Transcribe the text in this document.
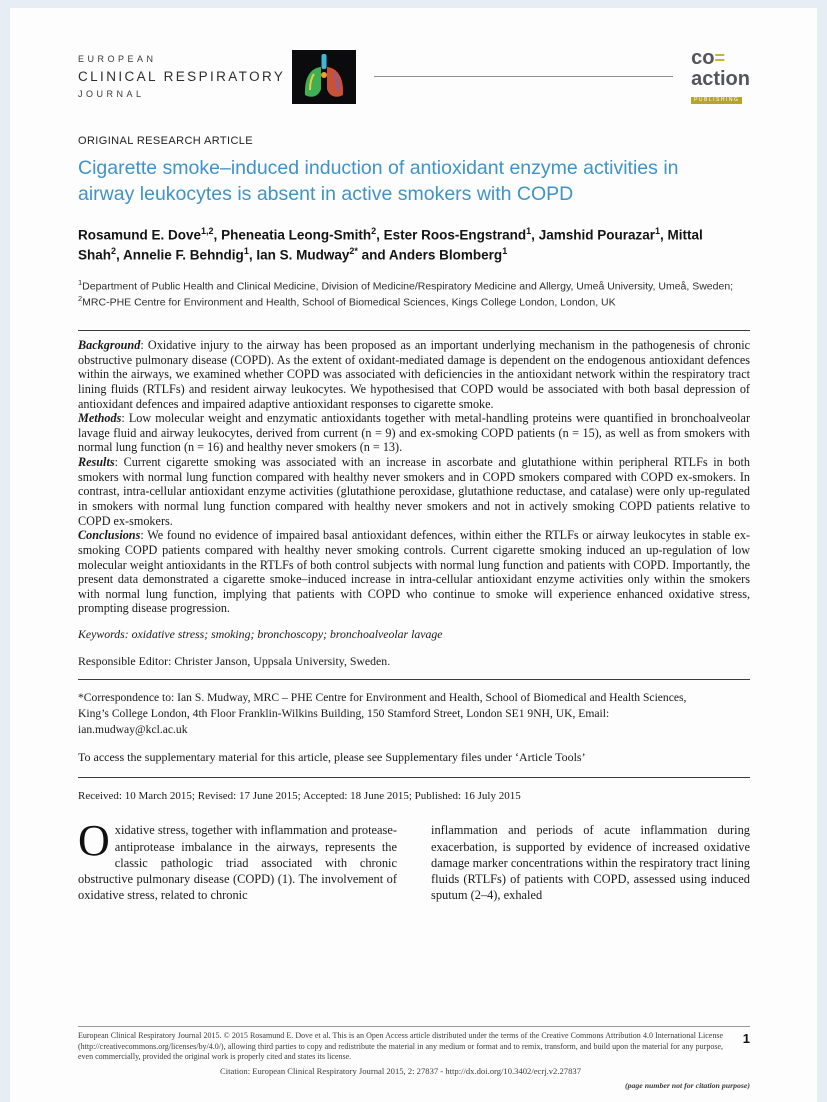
EUROPEAN
CLINICAL RESPIRATORY
JOURNAL
co=
action
PUBLISHING
ORIGINAL RESEARCH ARTICLE
Cigarette smoke–induced induction of antioxidant enzyme activities in airway leukocytes is absent in active smokers with COPD
Rosamund E. Dove$^{1,2}$, Pheneatia Leong-Smith$^2$, Ester Roos-Engstrand$^1$, Jamshid Pourazar$^1$, Mittal Shah$^2$, Annelie F. Behndig$^1$, Ian S. Mudway$^{2*}$ and Anders Blomberg$^1$
$^1$Department of Public Health and Clinical Medicine, Division of Medicine/Respiratory Medicine and Allergy, Umeå University, Umeå, Sweden; $^2$MRC-PHE Centre for Environment and Health, School of Biomedical Sciences, Kings College London, London, UK

Background: Oxidative injury to the airway has been proposed as an important underlying mechanism in the pathogenesis of chronic obstructive pulmonary disease (COPD). As the extent of oxidant-mediated damage is dependent on the endogenous antioxidant defences within the airways, we examined whether COPD was associated with deficiencies in the antioxidant network within the respiratory tract lining fluids (RTLFs) and resident airway leukocytes. We hypothesised that COPD would be associated with both basal depression of antioxidant defences and impaired adaptive antioxidant responses to cigarette smoke.

Methods: Low molecular weight and enzymatic antioxidants together with metal-handling proteins were quantified in bronchoalveolar lavage fluid and airway leukocytes, derived from current (n = 9) and ex-smoking COPD patients (n = 15), as well as from smokers with normal lung function (n = 16) and healthy never smokers (n = 13).

Results: Current cigarette smoking was associated with an increase in ascorbate and glutathione within peripheral RTLFs in both smokers with normal lung function compared with healthy never smokers and in COPD smokers compared with COPD ex-smokers. In contrast, intra-cellular antioxidant enzyme activities (glutathione peroxidase, glutathione reductase, and catalase) were only up-regulated in smokers with normal lung function compared with healthy never smokers and not in actively smoking COPD patients relative to COPD ex-smokers.

Conclusions: We found no evidence of impaired basal antioxidant defences, within either the RTLFs or airway leukocytes in stable ex-smoking COPD patients compared with healthy never smoking controls. Current cigarette smoking induced an up-regulation of low molecular weight antioxidants in the RTLFs of both control subjects with normal lung function and patients with COPD. Importantly, the present data demonstrated a cigarette smoke–induced increase in intra-cellular antioxidant enzyme activities only within the smokers with normal lung function, implying that patients with COPD who continue to smoke will experience enhanced oxidative stress, prompting disease progression.

Keywords: oxidative stress; smoking; bronchoscopy; bronchoalveolar lavage

Responsible Editor: Christer Janson, Uppsala University, Sweden.

*Correspondence to: Ian S. Mudway, MRC – PHE Centre for Environment and Health, School of Biomedical and Health Sciences, King’s College London, 4th Floor Franklin-Wilkins Building, 150 Stamford Street, London SE1 9NH, UK, Email: ian.mudway@kcl.ac.uk

To access the supplementary material for this article, please see Supplementary files under ‘Article Tools’

Received: 10 March 2015; Revised: 17 June 2015; Accepted: 18 June 2015; Published: 16 July 2015

Oxidative stress, together with inflammation and protease-antiprotease imbalance in the airways, represents the classic pathologic triad associated with chronic obstructive pulmonary disease (COPD) (1). The involvement of oxidative stress, related to chronic

inflammation and periods of acute inflammation during exacerbation, is supported by evidence of increased oxidative damage marker concentrations within the respiratory tract lining fluids (RTLFs) of patients with COPD, assessed using induced sputum (2–4), exhaled

European Clinical Respiratory Journal 2015. © 2015 Rosamund E. Dove et al. This is an Open Access article distributed under the terms of the Creative Commons Attribution 4.0 International License (http://creativecommons.org/licenses/by/4.0/), allowing third parties to copy and redistribute the material in any medium or format and to remix, transform, and build upon the material for any purpose, even commercially, provided the original work is properly cited and states its license.
1
Citation: European Clinical Respiratory Journal 2015, 2: 27837 - http://dx.doi.org/10.3402/ecrj.v2.27837
(page number not for citation purpose)
